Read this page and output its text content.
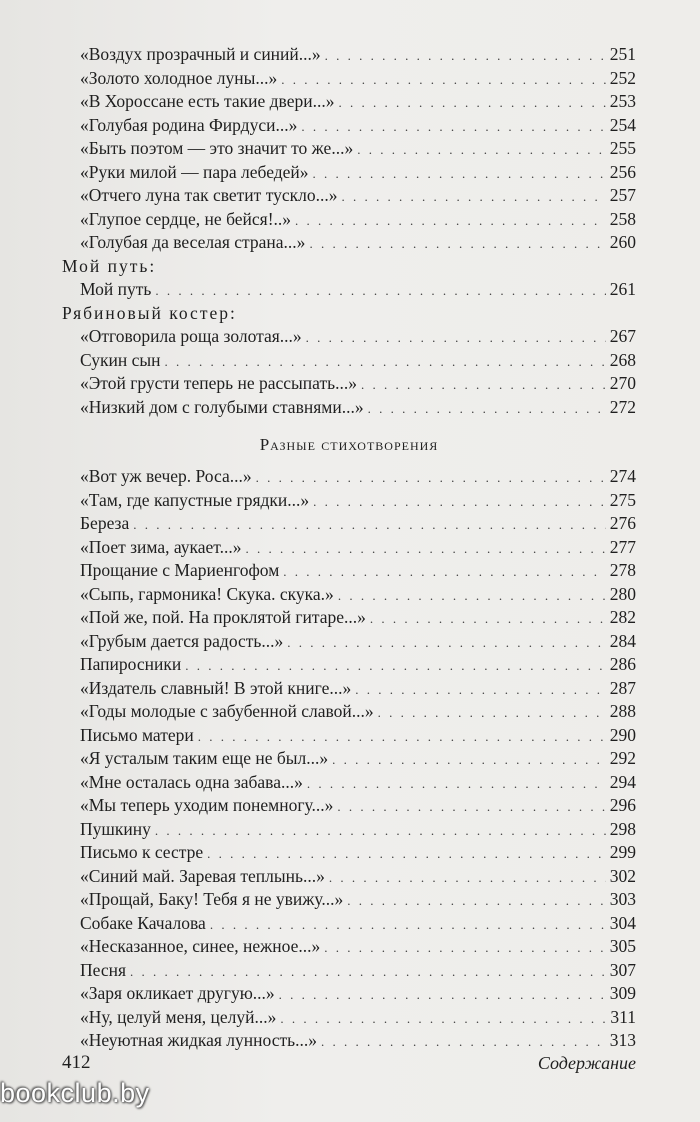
«Воздух прозрачный и синий...» . . .	251
«Золото холодное луны...» . . .	252
«В Хороссане есть такие двери...» . . .	253
«Голубая родина Фирдуси...» . . .	254
«Быть поэтом — это значит то же...» . . .	255
«Руки милой — пара лебедей» . . .	256
«Отчего луна так светит тускло...» . . .	257
«Глупое сердце, не бейся!..» . . .	258
«Голубая да веселая страна...» . . .	260
Мой путь:
Мой путь . . .	261
Рябиновый костер:
«Отговорила роща золотая...» . . .	267
Сукин сын . . .	268
«Этой грусти теперь не рассыпать...» . . .	270
«Низкий дом с голубыми ставнями...» . . .	272
Разные стихотворения
«Вот уж вечер. Роса...» . . .	274
«Там, где капустные грядки...» . . .	275
Береза . . .	276
«Поет зима, аукает...» . . .	277
Прощание с Мариенгофом . . .	278
«Сыпь, гармоника! Скука. скука.» . . .	280
«Пой же, пой. На проклятой гитаре...» . . .	282
«Грубым дается радость...» . . .	284
Папиросники . . .	286
«Издатель славный! В этой книге...» . . .	287
«Годы молодые с забубенной славой...» . . .	288
Письмо матери . . .	290
«Я усталым таким еще не был...» . . .	292
«Мне осталась одна забава...» . . .	294
«Мы теперь уходим понемногу...» . . .	296
Пушкину . . .	298
Письмо к сестре . . .	299
«Синий май. Заревая теплынь...» . . .	302
«Прощай, Баку! Тебя я не увижу...» . . .	303
Собаке Качалова . . .	304
«Несказанное, синее, нежное...» . . .	305
Песня . . .	307
«Заря окликает другую...» . . .	309
«Ну, целуй меня, целуй...» . . .	311
«Неуютная жидкая лунность...» . . .	313
412	Содержание
bookclub.by
